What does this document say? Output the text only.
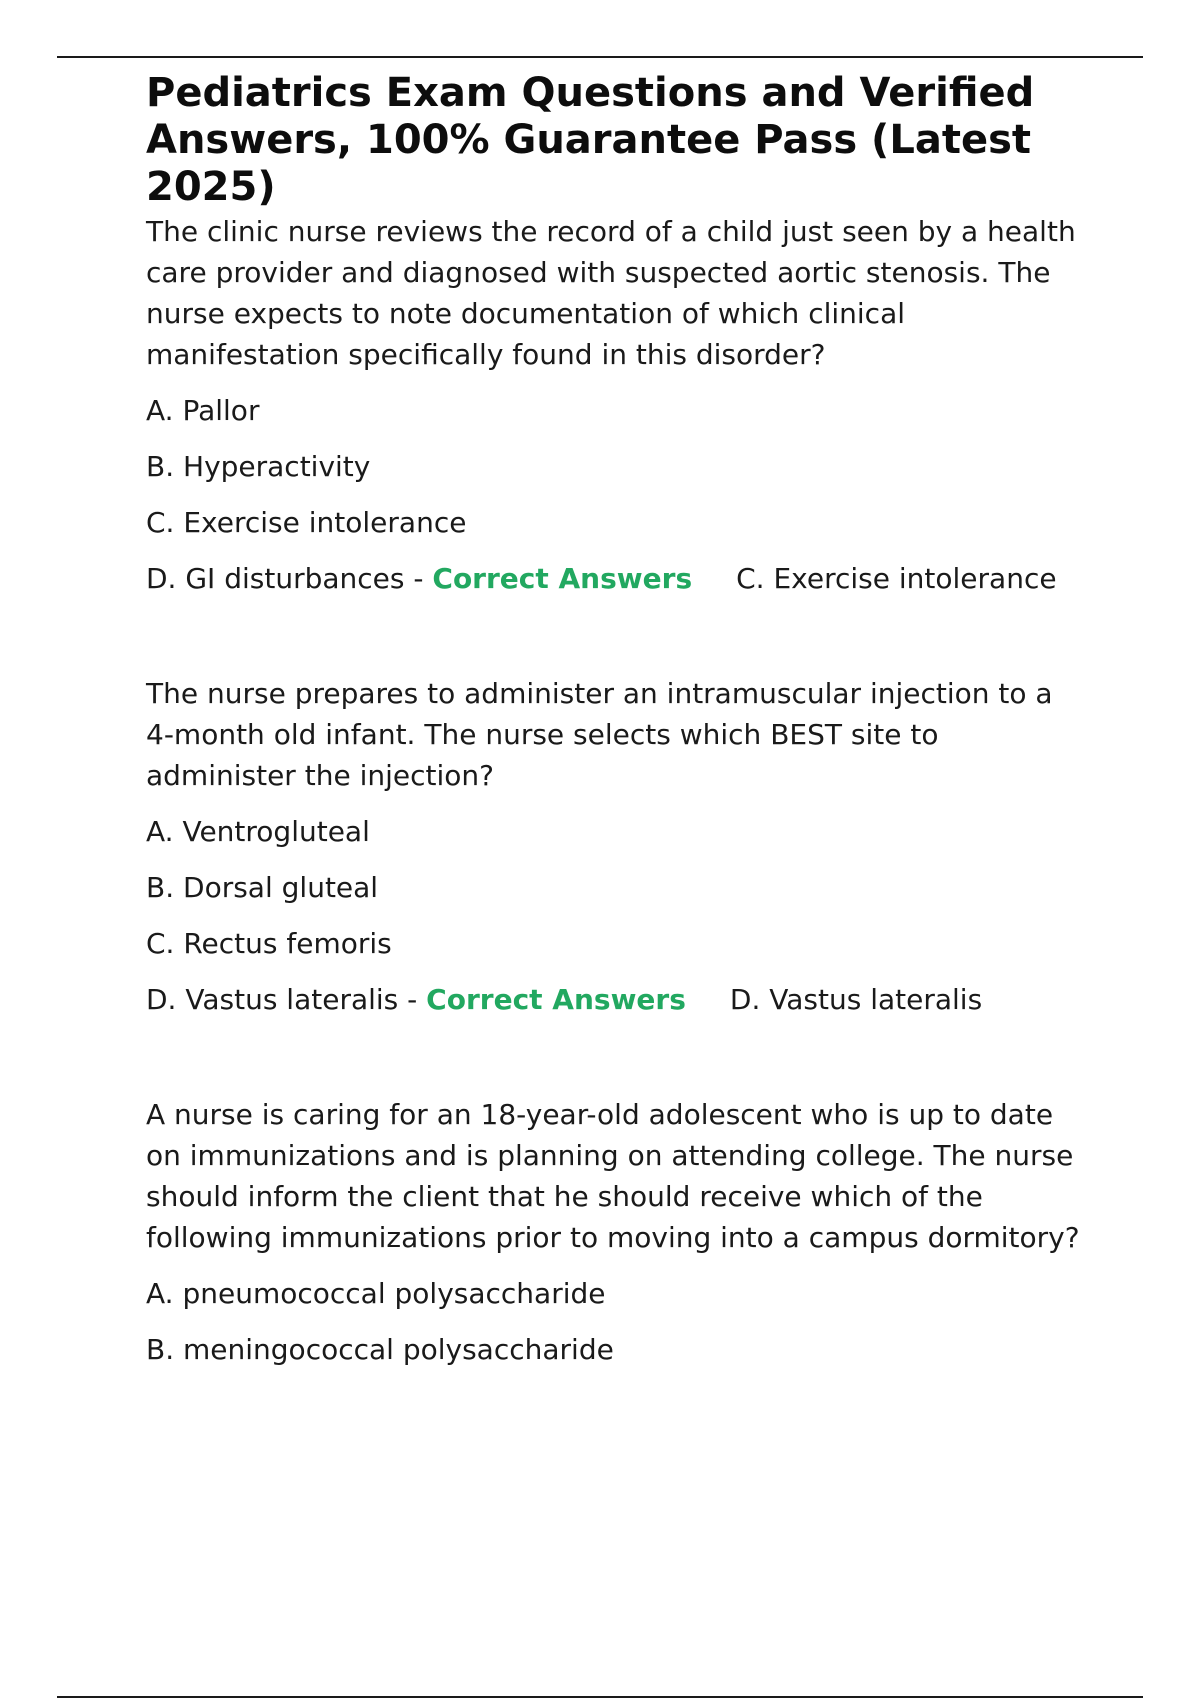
Pediatrics Exam Questions and Verified Answers, 100% Guarantee Pass (Latest 2025)

The clinic nurse reviews the record of a child just seen by a health care provider and diagnosed with suspected aortic stenosis. The nurse expects to note documentation of which clinical manifestation specifically found in this disorder?

A. Pallor

B. Hyperactivity

C. Exercise intolerance

D. GI disturbances - Correct Answers C. Exercise intolerance

The nurse prepares to administer an intramuscular injection to a 4-month old infant. The nurse selects which BEST site to administer the injection?

A. Ventrogluteal

B. Dorsal gluteal

C. Rectus femoris

D. Vastus lateralis - Correct Answers D. Vastus lateralis

A nurse is caring for an 18-year-old adolescent who is up to date on immunizations and is planning on attending college. The nurse should inform the client that he should receive which of the following immunizations prior to moving into a campus dormitory?

A. pneumococcal polysaccharide

B. meningococcal polysaccharide
